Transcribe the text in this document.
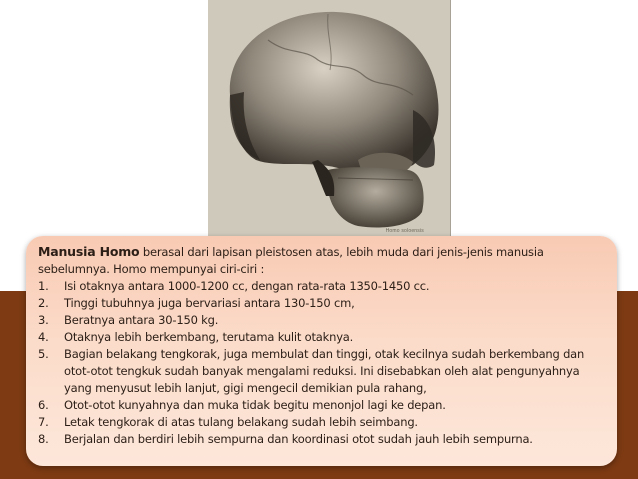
Homo soloensis
Manusia Homo berasal dari lapisan pleistosen atas, lebih muda dari jenis-jenis manusia sebelumnya. Homo mempunyai ciri-ciri :
1. Isi otaknya antara 1000-1200 cc, dengan rata-rata 1350-1450 cc.
2. Tinggi tubuhnya juga bervariasi antara 130-150 cm,
3. Beratnya antara 30-150 kg.
4. Otaknya lebih berkembang, terutama kulit otaknya.
5. Bagian belakang tengkorak, juga membulat dan tinggi, otak kecilnya sudah berkembang dan otot-otot tengkuk sudah banyak mengalami reduksi. Ini disebabkan oleh alat pengunyahnya yang menyusut lebih lanjut, gigi mengecil demikian pula rahang,
6. Otot-otot kunyahnya dan muka tidak begitu menonjol lagi ke depan.
7. Letak tengkorak di atas tulang belakang sudah lebih seimbang.
8. Berjalan dan berdiri lebih sempurna dan koordinasi otot sudah jauh lebih sempurna.
